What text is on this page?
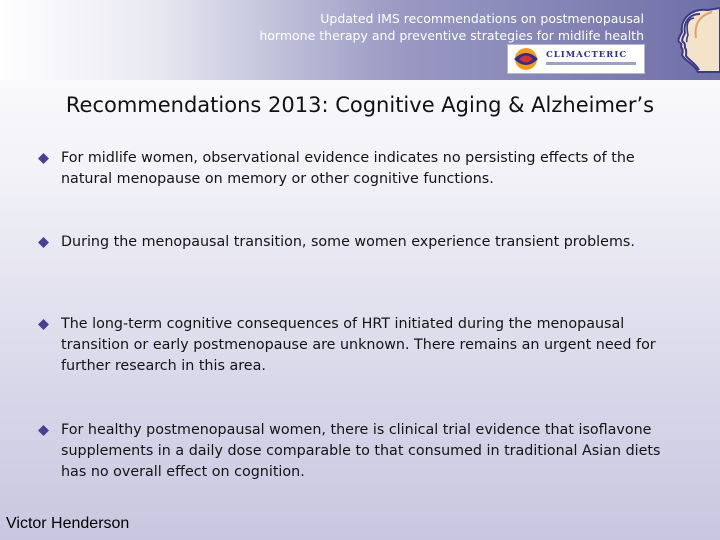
Updated IMS recommendations on postmenopausal
hormone therapy and preventive strategies for midlife health
CLIMACTERIC
Recommendations 2013: Cognitive Aging & Alzheimer’s
For midlife women, observational evidence indicates no persisting effects of the natural menopause on memory or other cognitive functions.
During the menopausal transition, some women experience transient problems.
The long-term cognitive consequences of HRT initiated during the menopausal transition or early postmenopause are unknown. There remains an urgent need for further research in this area.
For healthy postmenopausal women, there is clinical trial evidence that isoflavone supplements in a daily dose comparable to that consumed in traditional Asian diets has no overall effect on cognition.
Victor Henderson
